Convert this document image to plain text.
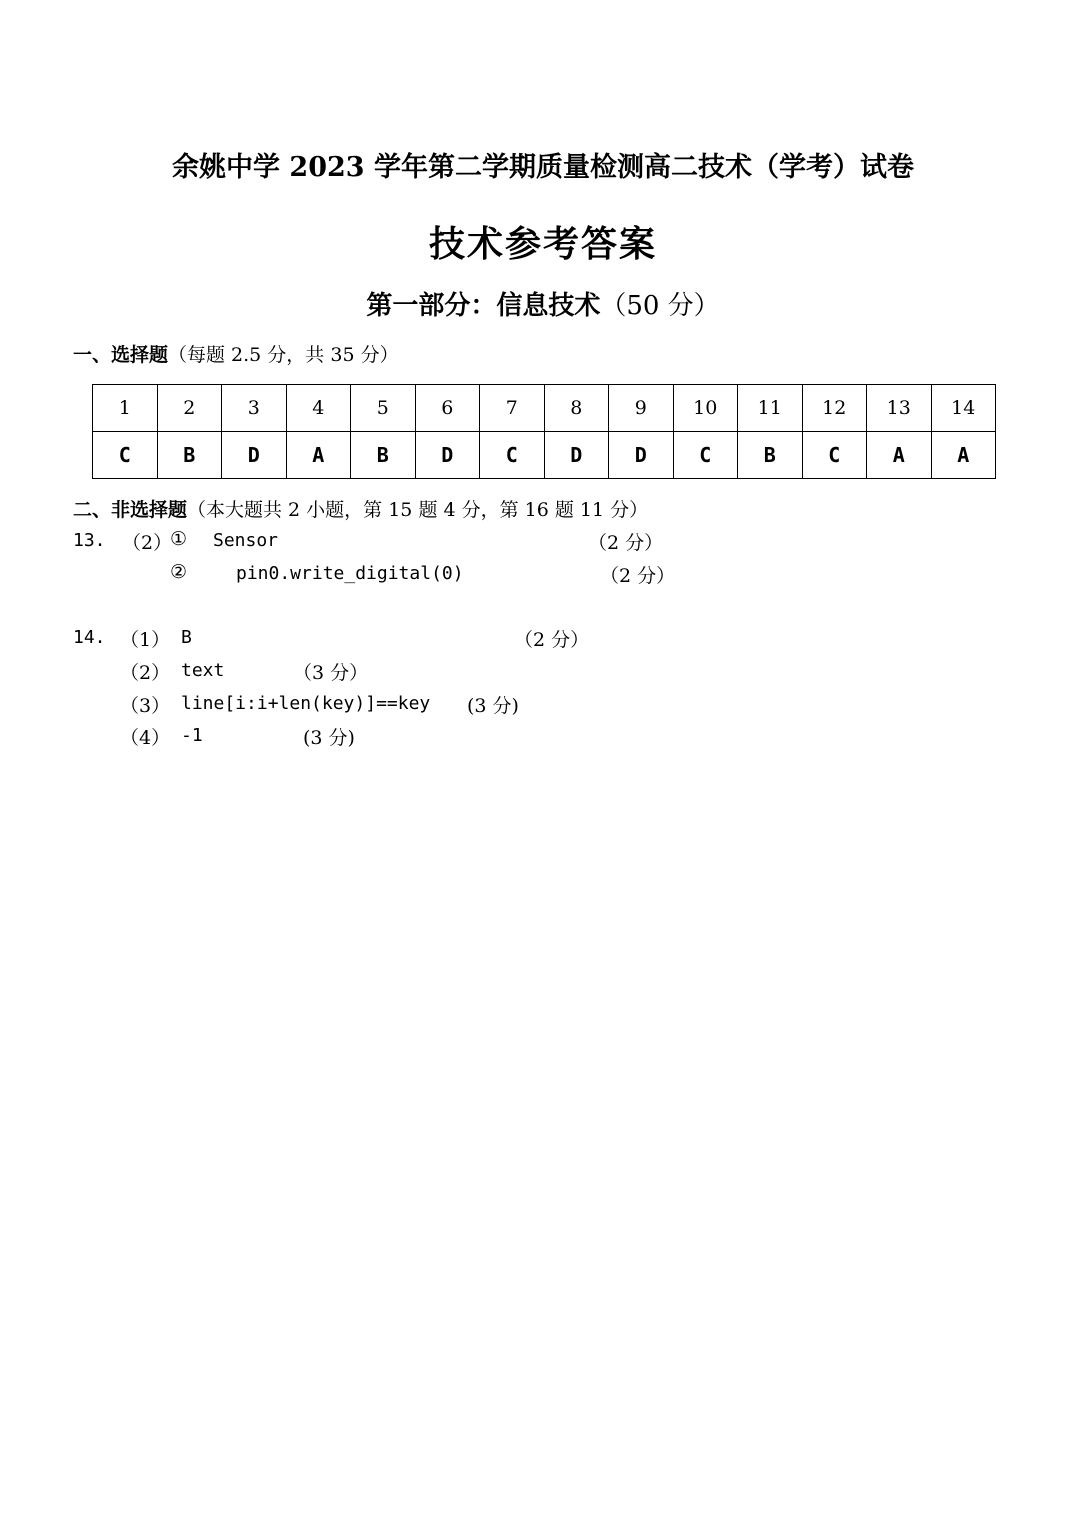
余姚中学 2023 学年第二学期质量检测高二技术（学考）试卷
技术参考答案
第一部分：信息技术（50 分）
一、选择题（每题 2.5 分，共 35 分）
1	2	3	4	5	6	7	8	9	10	11	12	13	14
C	B	D	A	B	D	C	D	D	C	B	C	A	A
二、非选择题（本大题共 2 小题，第 15 题 4 分，第 16 题 11 分）
13. （2）
① Sensor	（2 分）
②	pin0.write_digital(0)	（2 分）
14. （1） B	（2 分）
（2） text	（3 分）
（3） line[i:i+len(key)]==key (3 分)
（4） -1	(3 分)
